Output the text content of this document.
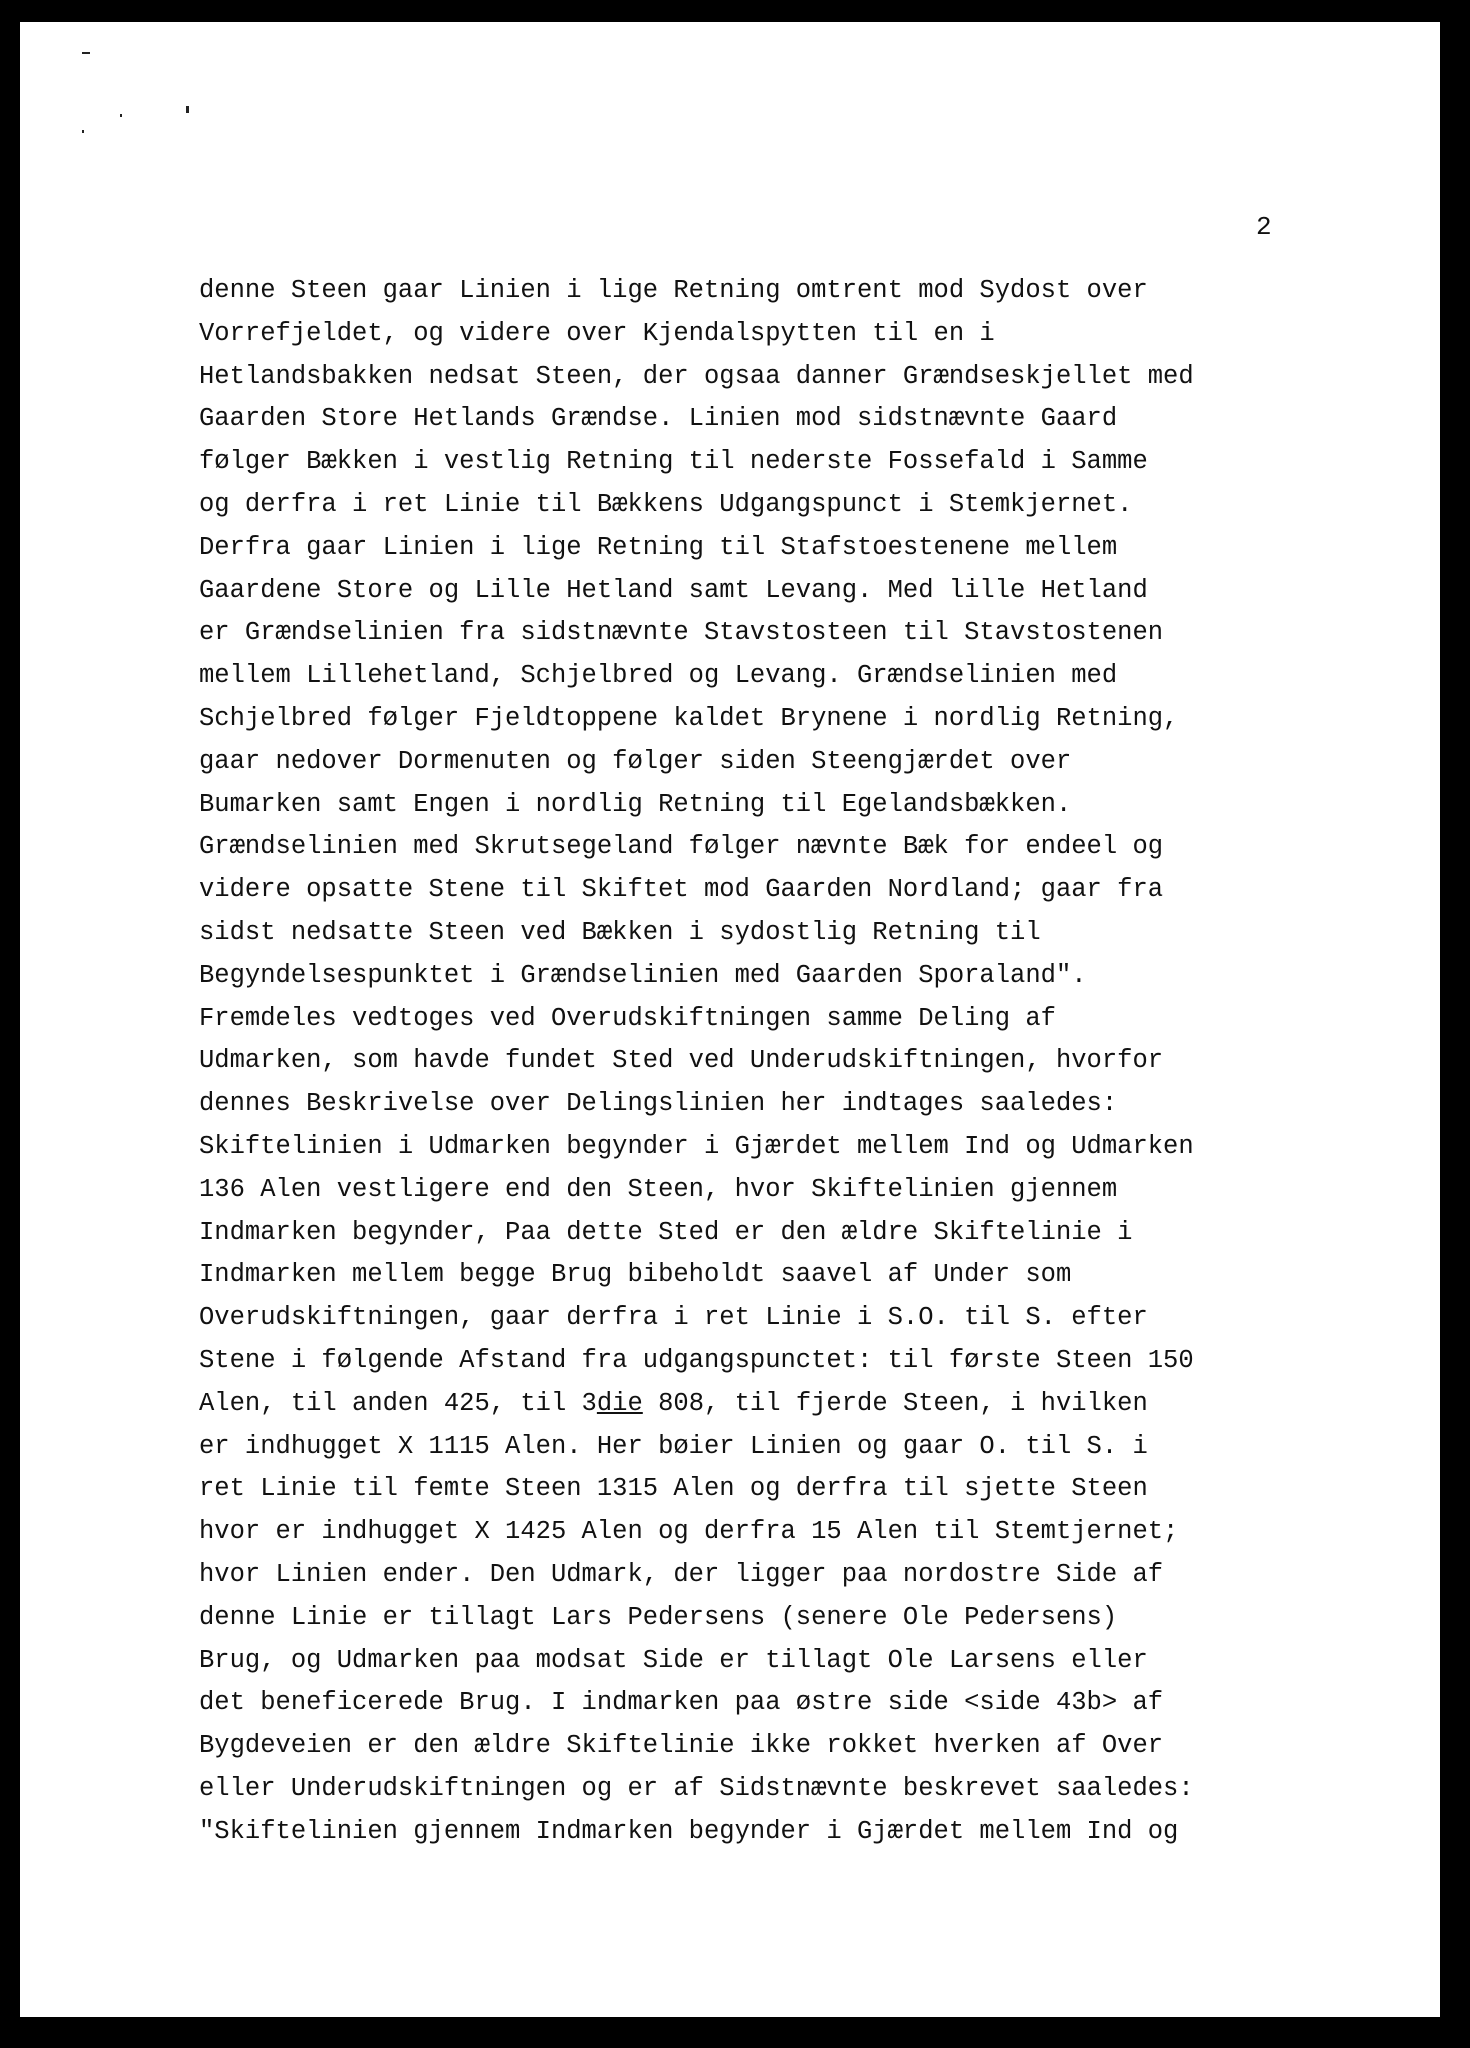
2
denne Steen gaar Linien i lige Retning omtrent mod Sydost over
Vorrefjeldet, og videre over Kjendalspytten til en i
Hetlandsbakken nedsat Steen, der ogsaa danner Grændseskjellet med
Gaarden Store Hetlands Grændse. Linien mod sidstnævnte Gaard
følger Bækken i vestlig Retning til nederste Fossefald i Samme
og derfra i ret Linie til Bækkens Udgangspunct i Stemkjernet.
Derfra gaar Linien i lige Retning til Stafstoestenene mellem
Gaardene Store og Lille Hetland samt Levang. Med lille Hetland
er Grændselinien fra sidstnævnte Stavstosteen til Stavstostenen
mellem Lillehetland, Schjelbred og Levang. Grændselinien med
Schjelbred følger Fjeldtoppene kaldet Brynene i nordlig Retning,
gaar nedover Dormenuten og følger siden Steengjærdet over
Bumarken samt Engen i nordlig Retning til Egelandsbækken.
Grændselinien med Skrutsegeland følger nævnte Bæk for endeel og
videre opsatte Stene til Skiftet mod Gaarden Nordland; gaar fra
sidst nedsatte Steen ved Bækken i sydostlig Retning til
Begyndelsespunktet i Grændselinien med Gaarden Sporaland".
Fremdeles vedtoges ved Overudskiftningen samme Deling af
Udmarken, som havde fundet Sted ved Underudskiftningen, hvorfor
dennes Beskrivelse over Delingslinien her indtages saaledes:
Skiftelinien i Udmarken begynder i Gjærdet mellem Ind og Udmarken
136 Alen vestligere end den Steen, hvor Skiftelinien gjennem
Indmarken begynder, Paa dette Sted er den ældre Skiftelinie i
Indmarken mellem begge Brug bibeholdt saavel af Under som
Overudskiftningen, gaar derfra i ret Linie i S.O. til S. efter
Stene i følgende Afstand fra udgangspunctet: til første Steen 150
Alen, til anden 425, til 3die 808, til fjerde Steen, i hvilken
er indhugget X 1115 Alen. Her bøier Linien og gaar O. til S. i
ret Linie til femte Steen 1315 Alen og derfra til sjette Steen
hvor er indhugget X 1425 Alen og derfra 15 Alen til Stemtjernet;
hvor Linien ender. Den Udmark, der ligger paa nordostre Side af
denne Linie er tillagt Lars Pedersens (senere Ole Pedersens)
Brug, og Udmarken paa modsat Side er tillagt Ole Larsens eller
det beneficerede Brug. I indmarken paa østre side <side 43b> af
Bygdeveien er den ældre Skiftelinie ikke rokket hverken af Over
eller Underudskiftningen og er af Sidstnævnte beskrevet saaledes:
"Skiftelinien gjennem Indmarken begynder i Gjærdet mellem Ind og
